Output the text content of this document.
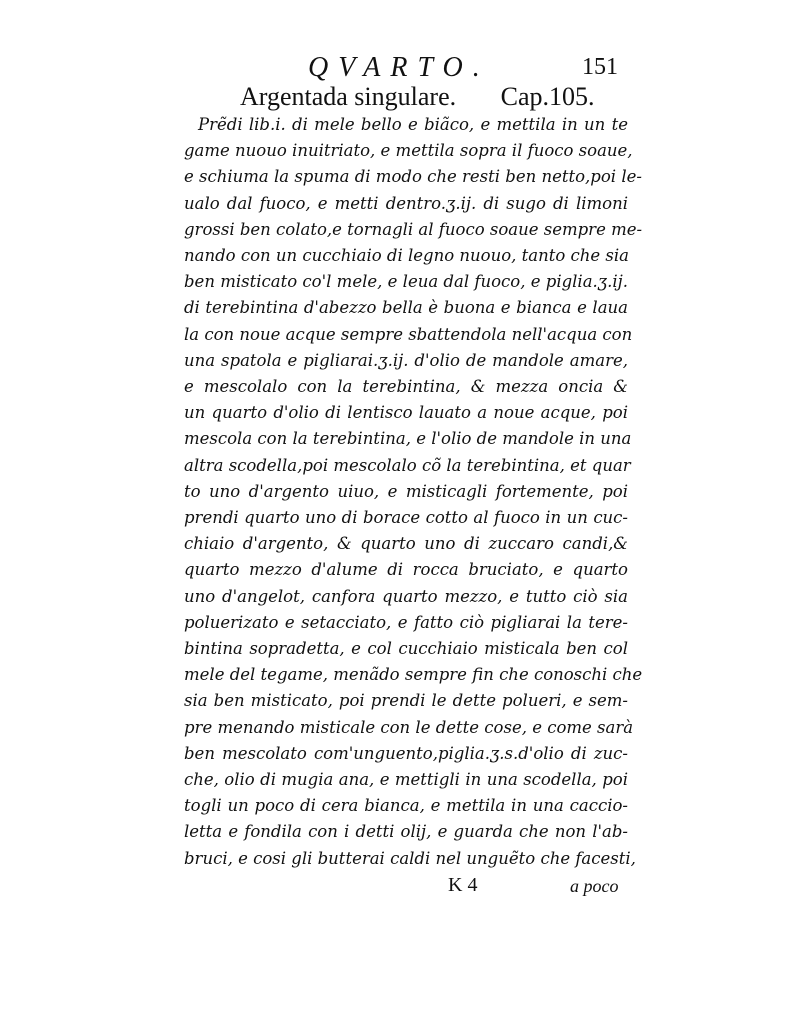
QVARTO.	151
Argentada singulare. Cap.105.
Prẽdi lib.i. di mele bello e biãco, e mettila in un te
game nuouo inuitriato, e mettila sopra il fuoco soaue,
e schiuma la spuma di modo che resti ben netto,poi le-
ualo dal fuoco, e metti dentro.ʒ.ij. di sugo di limoni
grossi ben colato,e tornagli al fuoco soaue sempre me-
nando con un cucchiaio di legno nuouo, tanto che sia
ben misticato co'l mele, e leua dal fuoco, e piglia.ʒ.ij.
di terebintina d'abezzo bella è buona e bianca e laua
la con noue acque sempre sbattendola nell'acqua con
una spatola e pigliarai.ʒ.ij. d'olio de mandole amare,
e mescolalo con la terebintina, & mezza oncia &
un quarto d'olio di lentisco lauato a noue acque, poi
mescola con la terebintina, e l'olio de mandole in una
altra scodella,poi mescolalo cõ la terebintina, et quar
to uno d'argento uiuo, e misticagli fortemente, poi
prendi quarto uno di borace cotto al fuoco in un cuc-
chiaio d'argento, & quarto uno di zuccaro candi,&
quarto mezzo d'alume di rocca bruciato, e quarto
uno d'angelot, canfora quarto mezzo, e tutto ciò sia
poluerizato e setacciato, e fatto ciò pigliarai la tere-
bintina sopradetta, e col cucchiaio misticala ben col
mele del tegame, menãdo sempre fin che conoschi che
sia ben misticato, poi prendi le dette polueri, e sem-
pre menando misticale con le dette cose, e come sarà
ben mescolato com'unguento,piglia.ʒ.s.d'olio di zuc-
che, olio di mugia ana, e mettigli in una scodella, poi
togli un poco di cera bianca, e mettila in una caccio-
letta e fondila con i detti olij, e guarda che non l'ab-
bruci, e cosi gli butterai caldi nel unguẽto che facesti,
K 4	a poco
